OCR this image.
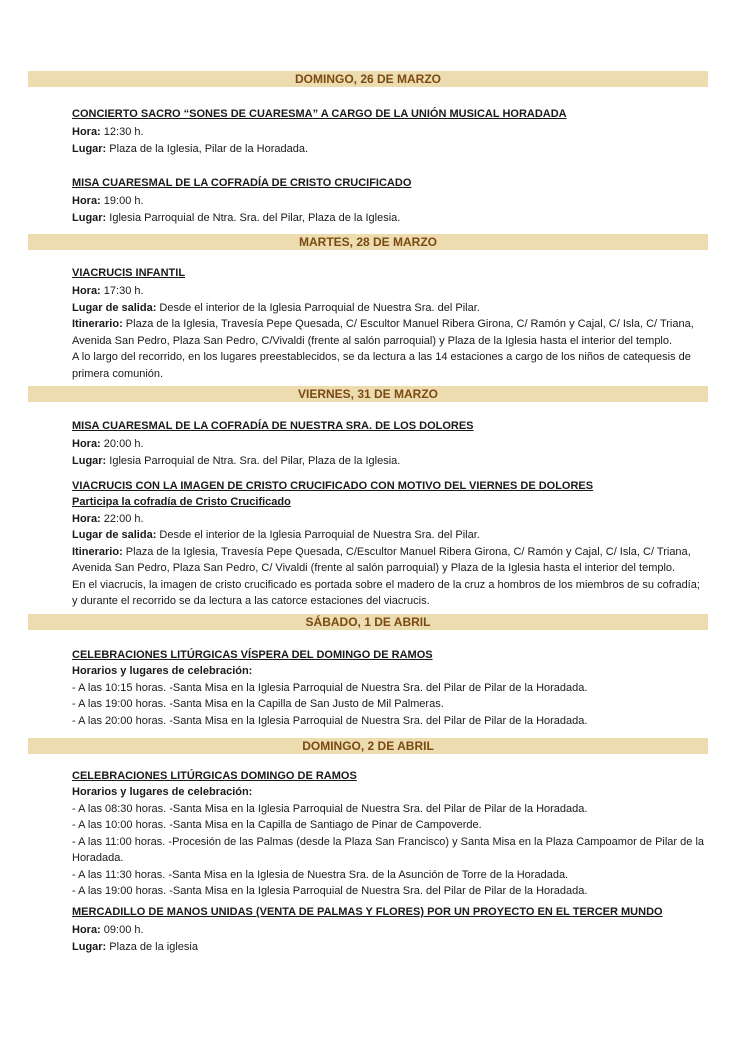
DOMINGO, 26 DE MARZO
CONCIERTO SACRO “SONES DE CUARESMA” A CARGO DE LA UNIÓN MUSICAL HORADADA
Hora: 12:30 h.
Lugar: Plaza de la Iglesia, Pilar de la Horadada.
MISA CUARESMAL DE LA COFRADÍA DE CRISTO CRUCIFICADO
Hora: 19:00 h.
Lugar: Iglesia Parroquial de Ntra. Sra. del Pilar, Plaza de la Iglesia.
MARTES, 28 DE MARZO
VIACRUCIS INFANTIL
Hora: 17:30 h.
Lugar de salida: Desde el interior de la Iglesia Parroquial de Nuestra Sra. del Pilar.
Itinerario: Plaza de la Iglesia, Travesía Pepe Quesada, C/ Escultor Manuel Ribera Girona, C/ Ramón y Cajal, C/ Isla, C/ Triana, Avenida San Pedro, Plaza San Pedro, C/Vivaldi (frente al salón parroquial) y Plaza de la Iglesia hasta el interior del templo.
A lo largo del recorrido, en los lugares preestablecidos, se da lectura a las 14 estaciones a cargo de los niños de catequesis de primera comunión.
VIERNES, 31 DE MARZO
MISA CUARESMAL DE LA COFRADÍA DE NUESTRA SRA. DE LOS DOLORES
Hora: 20:00 h.
Lugar: Iglesia Parroquial de Ntra. Sra. del Pilar, Plaza de la Iglesia.
VIACRUCIS CON LA IMAGEN DE CRISTO CRUCIFICADO CON MOTIVO DEL VIERNES DE DOLORES
Participa la cofradía de Cristo Crucificado
Hora: 22:00 h.
Lugar de salida: Desde el interior de la Iglesia Parroquial de Nuestra Sra. del Pilar.
Itinerario: Plaza de la Iglesia, Travesía Pepe Quesada, C/Escultor Manuel Ribera Girona, C/ Ramón y Cajal, C/ Isla, C/ Triana, Avenida San Pedro, Plaza San Pedro, C/ Vivaldi (frente al salón parroquial) y Plaza de la Iglesia hasta el interior del templo.
En el viacrucis, la imagen de cristo crucificado es portada sobre el madero de la cruz a hombros de los miembros de su cofradía; y durante el recorrido se da lectura a las catorce estaciones del viacrucis.
SÁBADO, 1 DE ABRIL
CELEBRACIONES LITÚRGICAS VÍSPERA DEL DOMINGO DE RAMOS
Horarios y lugares de celebración:
- A las 10:15 horas. -Santa Misa en la Iglesia Parroquial de Nuestra Sra. del Pilar de Pilar de la Horadada.
- A las 19:00 horas. -Santa Misa en la Capilla de San Justo de Mil Palmeras.
- A las 20:00 horas. -Santa Misa en la Iglesia Parroquial de Nuestra Sra. del Pilar de Pilar de la Horadada.
DOMINGO, 2 DE ABRIL
CELEBRACIONES LITÚRGICAS DOMINGO DE RAMOS
Horarios y lugares de celebración:
- A las 08:30 horas. -Santa Misa en la Iglesia Parroquial de Nuestra Sra. del Pilar de Pilar de la Horadada.
- A las 10:00 horas. -Santa Misa en la Capilla de Santiago de Pinar de Campoverde.
- A las 11:00 horas. -Procesión de las Palmas (desde la Plaza San Francisco) y Santa Misa en la Plaza Campoamor de Pilar de la Horadada.
- A las 11:30 horas. -Santa Misa en la Iglesia de Nuestra Sra. de la Asunción de Torre de la Horadada.
- A las 19:00 horas. -Santa Misa en la Iglesia Parroquial de Nuestra Sra. del Pilar de Pilar de la Horadada.
MERCADILLO DE MANOS UNIDAS (VENTA DE PALMAS Y FLORES) POR UN PROYECTO EN EL TERCER MUNDO
Hora: 09:00 h.
Lugar: Plaza de la iglesia
